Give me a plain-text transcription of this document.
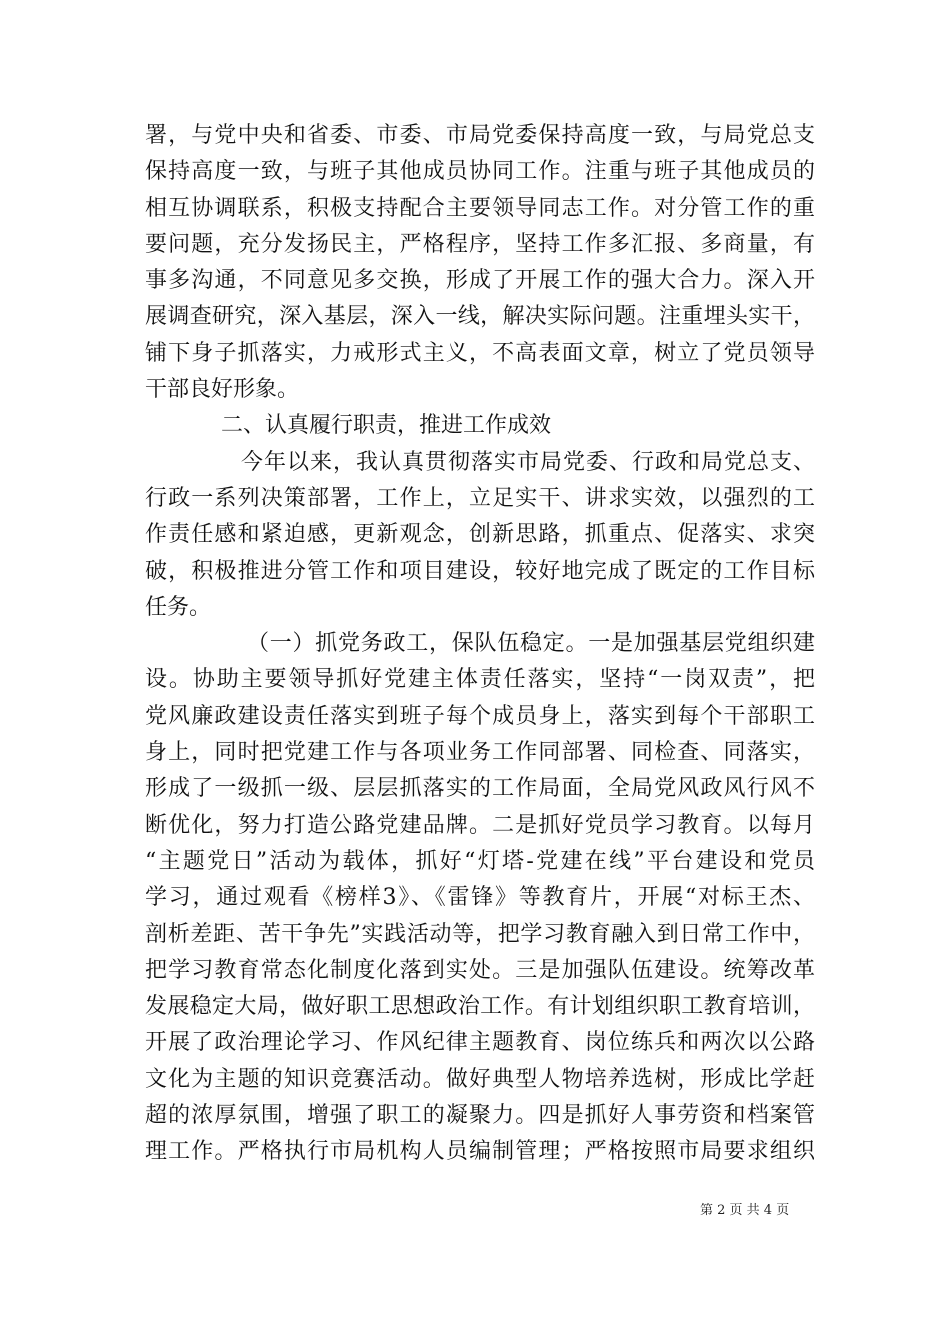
署，与党中央和省委、市委、市局党委保持高度一致，与局党总支
保持高度一致，与班子其他成员协同工作。注重与班子其他成员的
相互协调联系，积极支持配合主要领导同志工作。对分管工作的重
要问题，充分发扬民主，严格程序，坚持工作多汇报、多商量，有
事多沟通，不同意见多交换，形成了开展工作的强大合力。深入开
展调查研究，深入基层，深入一线，解决实际问题。注重埋头实干，
铺下身子抓落实，力戒形式主义，不高表面文章，树立了党员领导
干部良好形象。
二、认真履行职责，推进工作成效
今年以来，我认真贯彻落实市局党委、行政和局党总支、
行政一系列决策部署，工作上，立足实干、讲求实效，以强烈的工
作责任感和紧迫感，更新观念，创新思路，抓重点、促落实、求突
破，积极推进分管工作和项目建设，较好地完成了既定的工作目标
任务。
（一）抓党务政工，保队伍稳定。一是加强基层党组织建
设。协助主要领导抓好党建主体责任落实，坚持“一岗双责”，把
党风廉政建设责任落实到班子每个成员身上，落实到每个干部职工
身上，同时把党建工作与各项业务工作同部署、同检查、同落实，
形成了一级抓一级、层层抓落实的工作局面，全局党风政风行风不
断优化，努力打造公路党建品牌。二是抓好党员学习教育。以每月
“主题党日”活动为载体，抓好“灯塔-党建在线”平台建设和党员
学习，通过观看《榜样3》、《雷锋》等教育片，开展“对标王杰、
剖析差距、苦干争先”实践活动等，把学习教育融入到日常工作中，
把学习教育常态化制度化落到实处。三是加强队伍建设。统筹改革
发展稳定大局，做好职工思想政治工作。有计划组织职工教育培训，
开展了政治理论学习、作风纪律主题教育、岗位练兵和两次以公路
文化为主题的知识竞赛活动。做好典型人物培养选树，形成比学赶
超的浓厚氛围，增强了职工的凝聚力。四是抓好人事劳资和档案管
理工作。严格执行市局机构人员编制管理；严格按照市局要求组织
第 2 页 共 4 页
